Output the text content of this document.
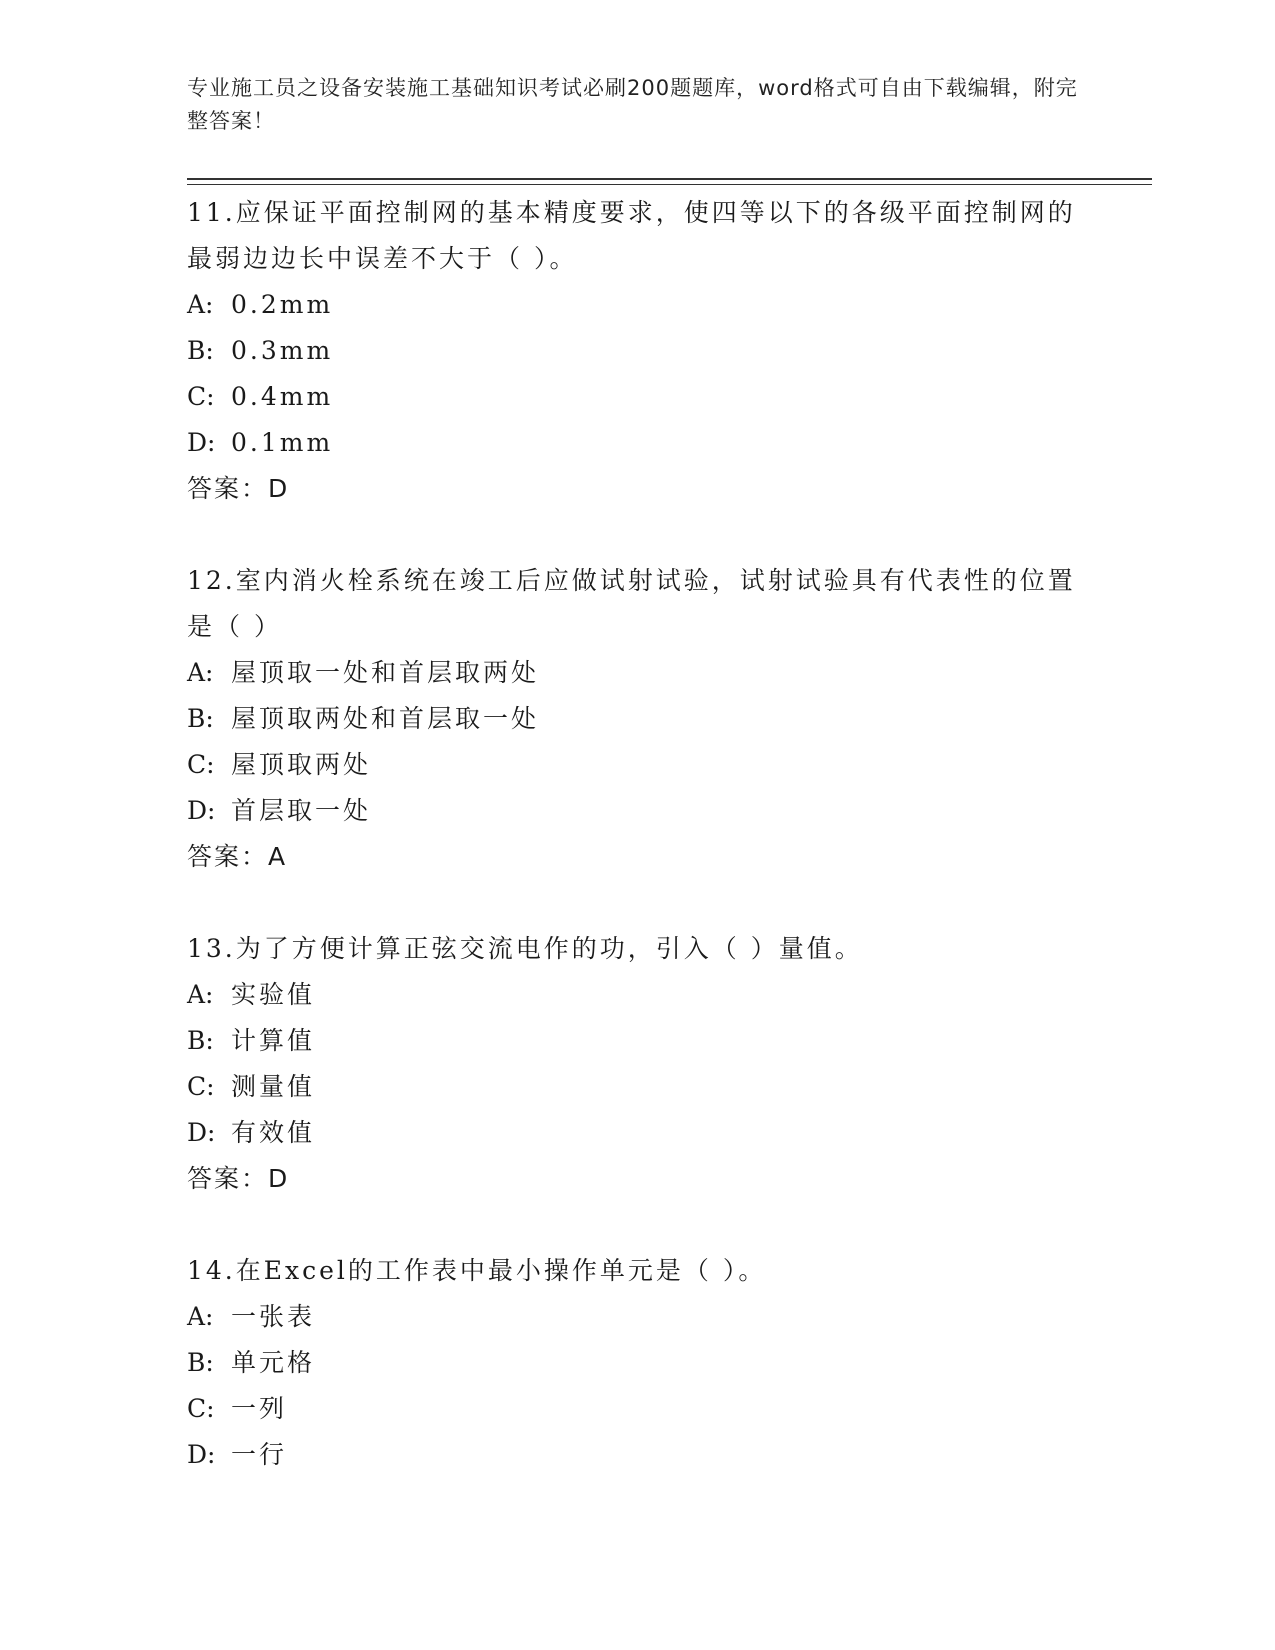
专业施工员之设备安装施工基础知识考试必刷200题题库，word格式可自由下载编辑，附完整答案！
11.应保证平面控制网的基本精度要求，使四等以下的各级平面控制网的最弱边边长中误差不大于（ ）。
A: 0.2mm
B: 0.3mm
C: 0.4mm
D: 0.1mm
答案：D
12.室内消火栓系统在竣工后应做试射试验，试射试验具有代表性的位置是（ ）
A: 屋顶取一处和首层取两处
B: 屋顶取两处和首层取一处
C: 屋顶取两处
D: 首层取一处
答案：A
13.为了方便计算正弦交流电作的功，引入（ ）量值。
A: 实验值
B: 计算值
C: 测量值
D: 有效值
答案：D
14.在Excel的工作表中最小操作单元是（ ）。
A: 一张表
B: 单元格
C: 一列
D: 一行
